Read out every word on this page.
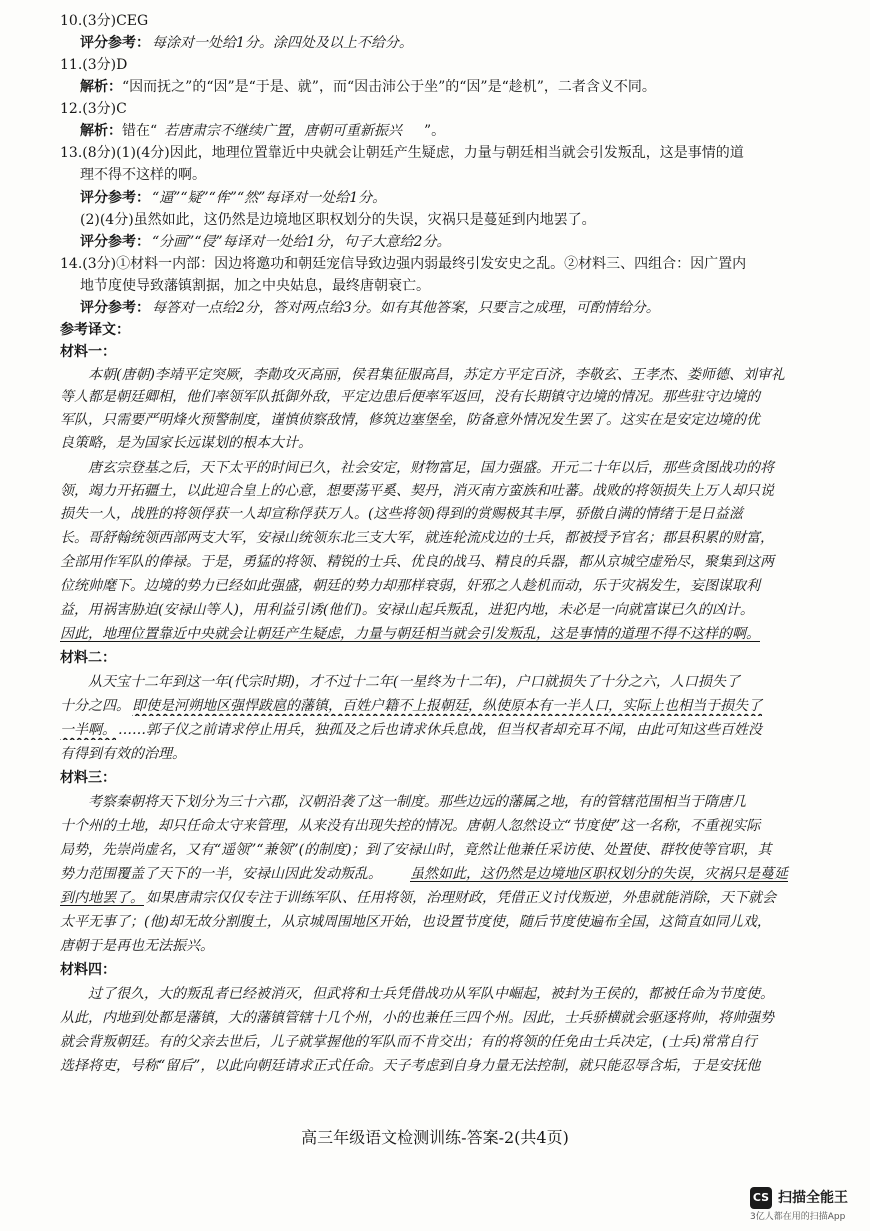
10.(3分)CEG
评分参考： 每涂对一处给1分。涂四处及以上不给分。
11.(3分)D
解析： “因而抚之”的“因”是“于是、就”，而“因击沛公于坐”的“因”是“趁机”，二者含义不同。
12.(3分)C
解析： 错在“ 若唐肃宗不继续广置，唐朝可重新振兴 ”。
13.(8分)(1)(4分)因此，地理位置靠近中央就会让朝廷产生疑虑，力量与朝廷相当就会引发叛乱，这是事情的道
理不得不这样的啊。
评分参考： “逼”“疑”“侔”“然”每译对一处给1分。
(2)(4分)虽然如此，这仍然是边境地区职权划分的失误，灾祸只是蔓延到内地罢了。
评分参考： “分画”“侵”每译对一处给1分，句子大意给2分。
14.(3分)①材料一内部：因边将邀功和朝廷宠信导致边强内弱最终引发安史之乱。②材料三、四组合：因广置内
地节度使导致藩镇割据，加之中央姑息，最终唐朝衰亡。
评分参考： 每答对一点给2分，答对两点给3分。如有其他答案，只要言之成理，可酌情给分。
参考译文：
材料一：
本朝(唐朝)李靖平定突厥，李勣攻灭高丽，侯君集征服高昌，苏定方平定百济，李敬玄、王孝杰、娄师德、刘审礼
等人都是朝廷卿相，他们率领军队抵御外敌，平定边患后便率军返回，没有长期镇守边境的情况。那些驻守边境的
军队，只需要严明烽火预警制度，谨慎侦察敌情，修筑边塞堡垒，防备意外情况发生罢了。这实在是安定边境的优
良策略，是为国家长远谋划的根本大计。
唐玄宗登基之后，天下太平的时间已久，社会安定，财物富足，国力强盛。开元二十年以后，那些贪图战功的将
领，竭力开拓疆土，以此迎合皇上的心意，想要荡平奚、契丹，消灭南方蛮族和吐蕃。战败的将领损失上万人却只说
损失一人，战胜的将领俘获一人却宣称俘获万人。(这些将领)得到的赏赐极其丰厚，骄傲自满的情绪于是日益滋
长。哥舒翰统领西部两支大军，安禄山统领东北三支大军，就连轮流戍边的士兵，都被授予官名；郡县积累的财富，
全部用作军队的俸禄。于是，勇猛的将领、精锐的士兵、优良的战马、精良的兵器，都从京城空虚殆尽，聚集到这两
位统帅麾下。边境的势力已经如此强盛，朝廷的势力却那样衰弱，奸邪之人趁机而动，乐于灾祸发生，妄图谋取利
益，用祸害胁迫(安禄山等人)，用利益引诱(他们)。安禄山起兵叛乱，进犯内地，未必是一向就富谋已久的凶计。
因此，地理位置靠近中央就会让朝廷产生疑虑，力量与朝廷相当就会引发叛乱，这是事情的道理不得不这样的啊。
材料二：
从天宝十二年到这一年(代宗时期)，才不过十二年(一星终为十二年)，户口就损失了十分之六，人口损失了
十分之四。 即使是河朔地区强悍跋扈的藩镇，百姓户籍不上报朝廷，纵使原本有一半人口，实际上也相当于损失了
一半啊。 ……郭子仪之前请求停止用兵，独孤及之后也请求休兵息战，但当权者却充耳不闻，由此可知这些百姓没
有得到有效的治理。
材料三：
考察秦朝将天下划分为三十六郡，汉朝沿袭了这一制度。那些边远的藩属之地，有的管辖范围相当于隋唐几
十个州的土地，却只任命太守来管理，从来没有出现失控的情况。唐朝人忽然设立“节度使”这一名称，不重视实际
局势，先崇尚虚名，又有“遥领”“兼领”(的制度)；到了安禄山时，竟然让他兼任采访使、处置使、群牧使等官职，其
势力范围覆盖了天下的一半，安禄山因此发动叛乱。 虽然如此，这仍然是边境地区职权划分的失误，灾祸只是蔓延
到内地罢了。 如果唐肃宗仅仅专注于训练军队、任用将领，治理财政，凭借正义讨伐叛逆，外患就能消除，天下就会
太平无事了；(他)却无故分割腹土，从京城周围地区开始，也设置节度使，随后节度使遍布全国，这简直如同儿戏，
唐朝于是再也无法振兴。
材料四：
过了很久，大的叛乱者已经被消灭，但武将和士兵凭借战功从军队中崛起，被封为王侯的，都被任命为节度使。
从此，内地到处都是藩镇，大的藩镇管辖十几个州，小的也兼任三四个州。因此，士兵骄横就会驱逐将帅，将帅强势
就会背叛朝廷。有的父亲去世后，儿子就掌握他的军队而不肯交出；有的将领的任免由士兵决定，(士兵)常常自行
选择将吏，号称“留后”，以此向朝廷请求正式任命。天子考虑到自身力量无法控制，就只能忍辱含垢，于是安抚他
高三年级语文检测训练-答案-2(共4页)
CS 扫描全能王
3亿人都在用的扫描App
